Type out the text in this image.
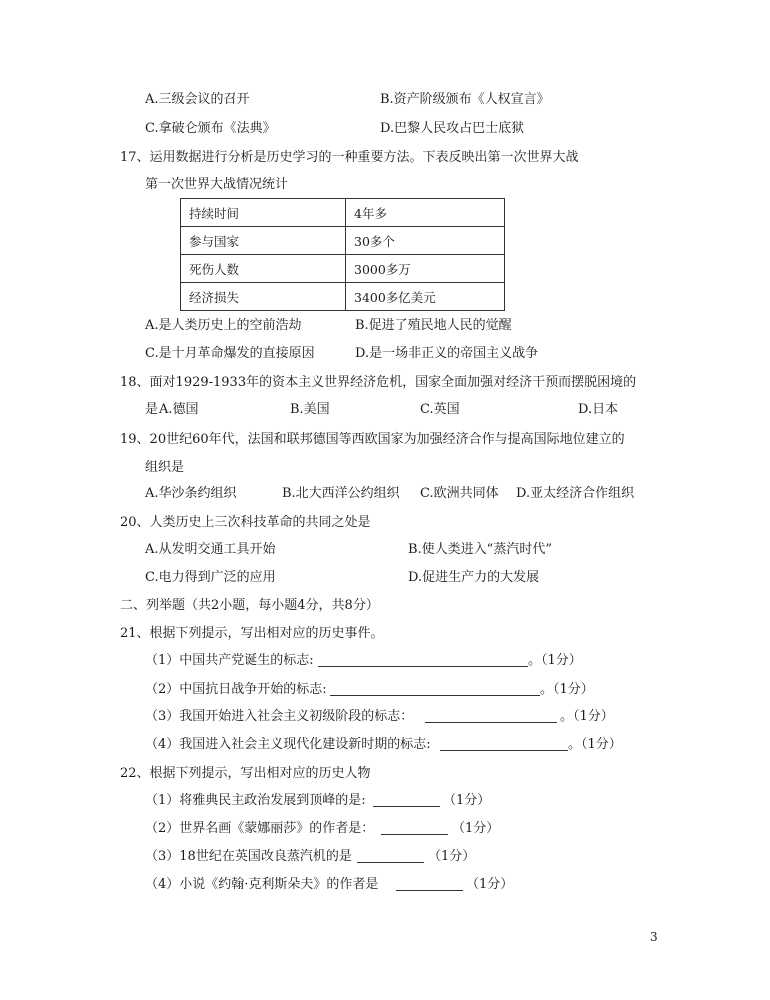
A.三级会议的召开	B.资产阶级颁布《人权宣言》
C.拿破仑颁布《法典》	D.巴黎人民攻占巴士底狱
17、运用数据进行分析是历史学习的一种重要方法。下表反映出第一次世界大战
第一次世界大战情况统计
持续时间	4年多
参与国家	30多个
死伤人数	3000多万
经济损失	3400多亿美元
A.是人类历史上的空前浩劫	B.促进了殖民地人民的觉醒
C.是十月革命爆发的直接原因	D.是一场非正义的帝国主义战争
18、面对1929-1933年的资本主义世界经济危机，国家全面加强对经济干预而摆脱困境的
是 A.德国	B.美国	C.英国	D.日本
19、20世纪60年代，法国和联邦德国等西欧国家为加强经济合作与提高国际地位建立的
组织是
A.华沙条约组织	B.北大西洋公约组织 C.欧洲共同体 D.亚太经济合作组织
20、人类历史上三次科技革命的共同之处是
A.从发明交通工具开始	B.使人类进入“蒸汽时代”
C.电力得到广泛的应用	D.促进生产力的大发展
二、列举题（共2小题，每小题4分，共8分）
21、根据下列提示，写出相对应的历史事件。
（1）中国共产党诞生的标志:	。（1分）
（2）中国抗日战争开始的标志:	。（1分）
（3）我国开始进入社会主义初级阶段的标志：	。（1分）
（4）我国进入社会主义现代化建设新时期的标志:	。（1分）
22、根据下列提示，写出相对应的历史人物
（1）将雅典民主政治发展到顶峰的是:	（1分）
（2）世界名画《蒙娜丽莎》的作者是：	（1分）
（3）18世纪在英国改良蒸汽机的是	（1分）
（4）小说《约翰·克利斯朵夫》的作者是	（1分）
3
